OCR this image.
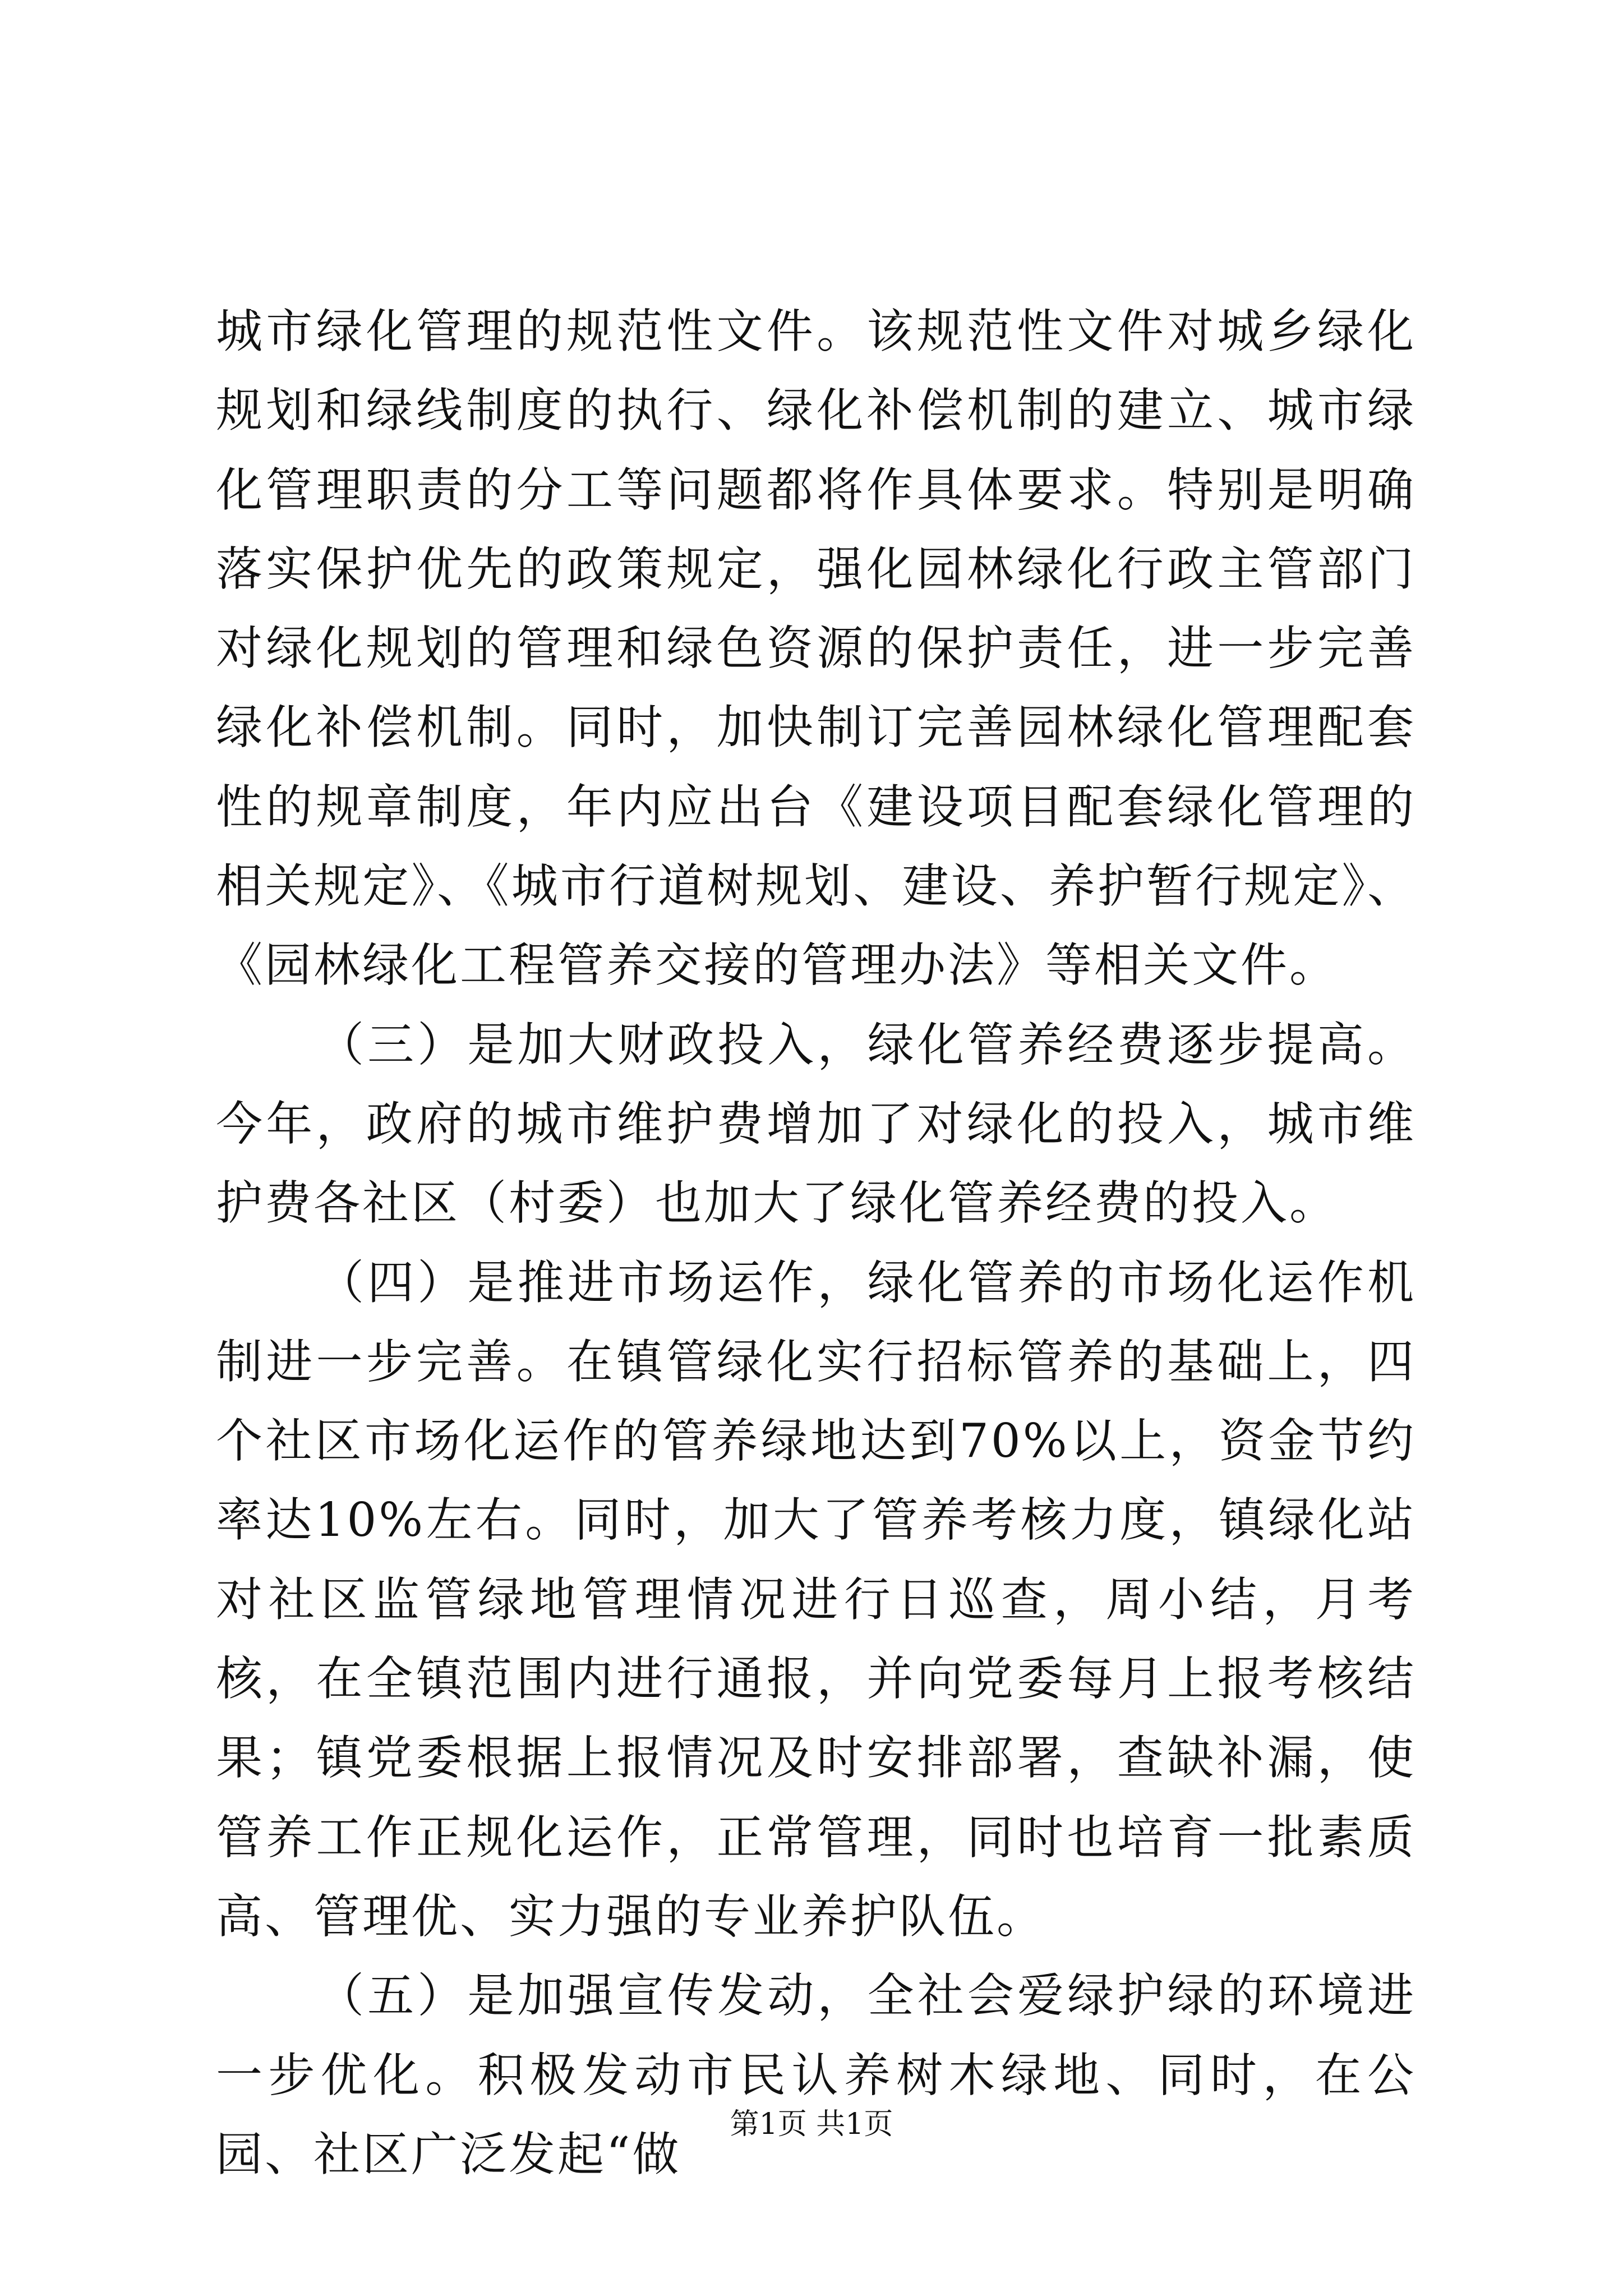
城市绿化管理的规范性文件。该规范性文件对城乡绿化规划和绿线制度的执行、绿化补偿机制的建立、城市绿化管理职责的分工等问题都将作具体要求。特别是明确落实保护优先的政策规定，强化园林绿化行政主管部门对绿化规划的管理和绿色资源的保护责任，进一步完善绿化补偿机制。同时，加快制订完善园林绿化管理配套性的规章制度，年内应出台《建设项目配套绿化管理的相关规定》、《城市行道树规划、建设、养护暂行规定》、《园林绿化工程管养交接的管理办法》等相关文件。

（三）是加大财政投入，绿化管养经费逐步提高。今年，政府的城市维护费增加了对绿化的投入，城市维护费各社区（村委）也加大了绿化管养经费的投入。

（四）是推进市场运作，绿化管养的市场化运作机制进一步完善。在镇管绿化实行招标管养的基础上，四个社区市场化运作的管养绿地达到70%以上，资金节约率达10%左右。同时，加大了管养考核力度，镇绿化站对社区监管绿地管理情况进行日巡查，周小结，月考核，在全镇范围内进行通报，并向党委每月上报考核结果；镇党委根据上报情况及时安排部署，查缺补漏，使管养工作正规化运作，正常管理，同时也培育一批素质高、管理优、实力强的专业养护队伍。

（五）是加强宣传发动，全社会爱绿护绿的环境进一步优化。积极发动市民认养树木绿地、同时，在公园、社区广泛发起“做

第1页 共1页
